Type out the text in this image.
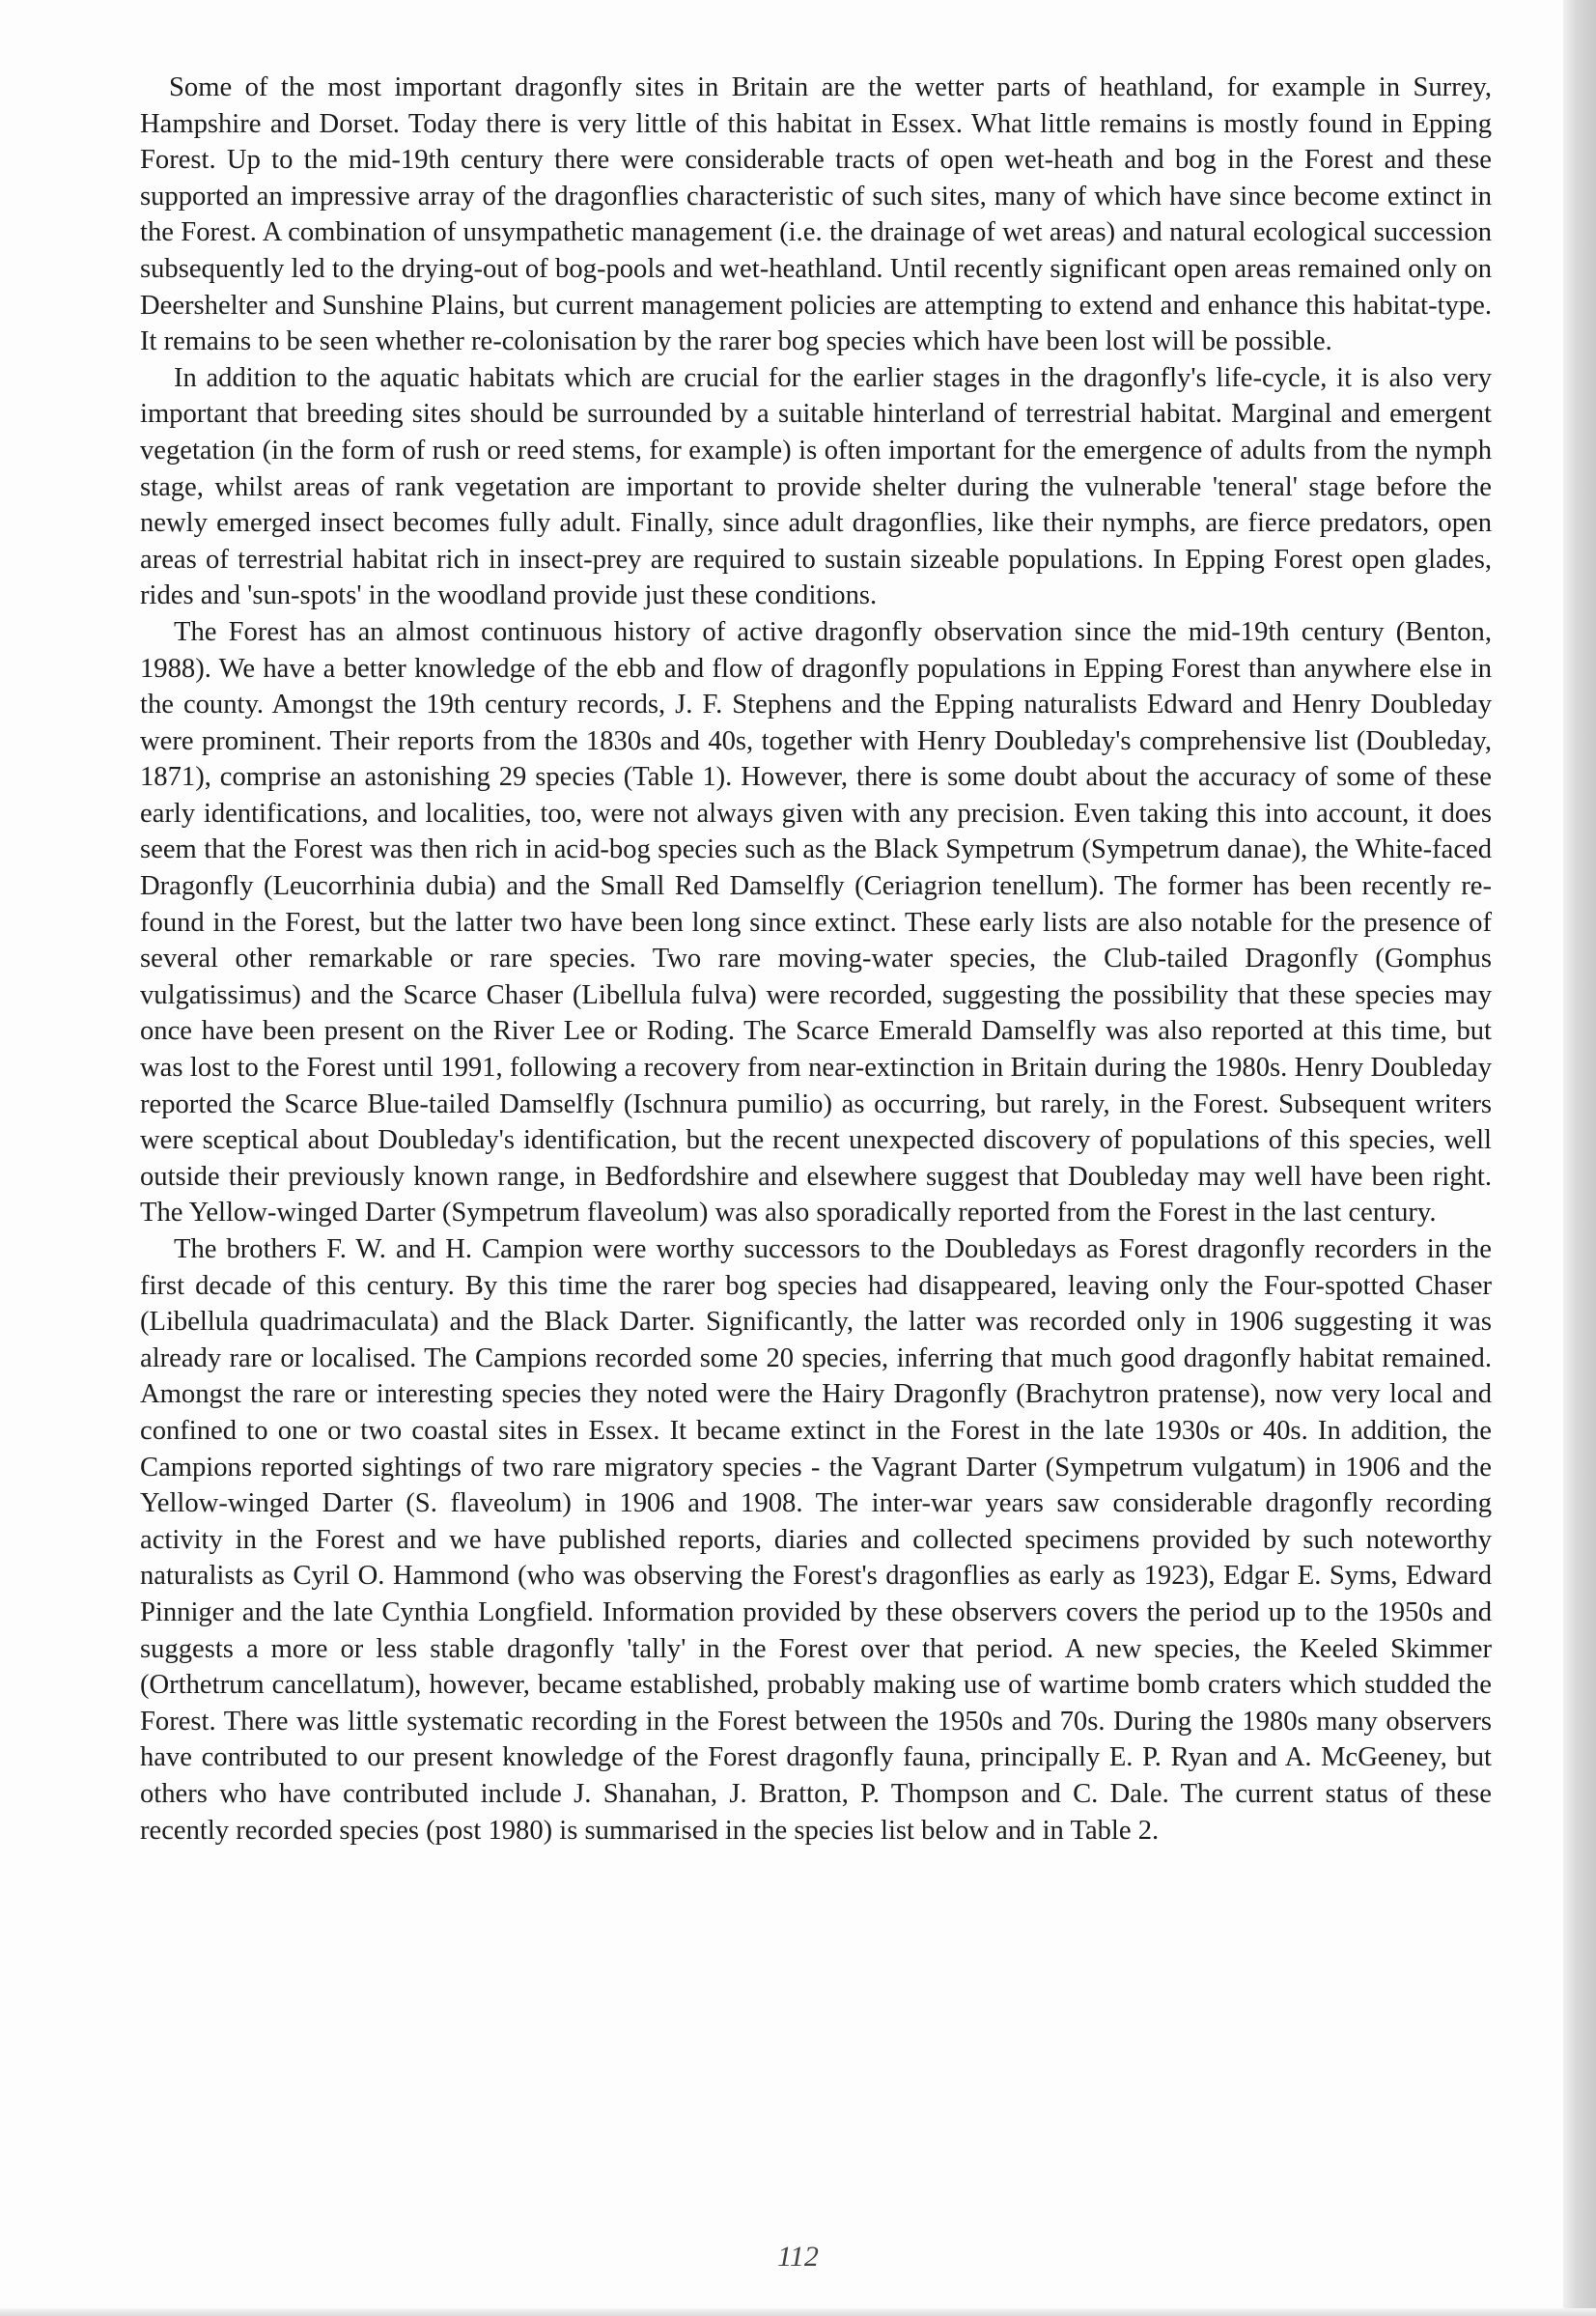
Some of the most important dragonfly sites in Britain are the wetter parts of heathland, for example in Surrey, Hampshire and Dorset. Today there is very little of this habitat in Essex. What little remains is mostly found in Epping Forest. Up to the mid-19th century there were considerable tracts of open wet-heath and bog in the Forest and these supported an impressive array of the dragonflies characteristic of such sites, many of which have since become extinct in the Forest. A combination of unsympathetic management (i.e. the drainage of wet areas) and natural ecological succession subsequently led to the drying-out of bog-pools and wet-heathland. Until recently significant open areas remained only on Deershelter and Sunshine Plains, but current management policies are attempting to extend and enhance this habitat-type. It remains to be seen whether re-colonisation by the rarer bog species which have been lost will be possible.

In addition to the aquatic habitats which are crucial for the earlier stages in the dragonfly's life-cycle, it is also very important that breeding sites should be surrounded by a suitable hinterland of terrestrial habitat. Marginal and emergent vegetation (in the form of rush or reed stems, for example) is often important for the emergence of adults from the nymph stage, whilst areas of rank vegetation are important to provide shelter during the vulnerable 'teneral' stage before the newly emerged insect becomes fully adult. Finally, since adult dragonflies, like their nymphs, are fierce predators, open areas of terrestrial habitat rich in insect-prey are required to sustain sizeable populations. In Epping Forest open glades, rides and 'sun-spots' in the woodland provide just these conditions.

The Forest has an almost continuous history of active dragonfly observation since the mid-19th century (Benton, 1988). We have a better knowledge of the ebb and flow of dragonfly populations in Epping Forest than anywhere else in the county. Amongst the 19th century records, J. F. Stephens and the Epping naturalists Edward and Henry Doubleday were prominent. Their reports from the 1830s and 40s, together with Henry Doubleday's comprehensive list (Doubleday, 1871), comprise an astonishing 29 species (Table 1). However, there is some doubt about the accuracy of some of these early identifications, and localities, too, were not always given with any precision. Even taking this into account, it does seem that the Forest was then rich in acid-bog species such as the Black Sympetrum (Sympetrum danae), the White-faced Dragonfly (Leucorrhinia dubia) and the Small Red Damselfly (Ceriagrion tenellum). The former has been recently re-found in the Forest, but the latter two have been long since extinct. These early lists are also notable for the presence of several other remarkable or rare species. Two rare moving-water species, the Club-tailed Dragonfly (Gomphus vulgatissimus) and the Scarce Chaser (Libellula fulva) were recorded, suggesting the possibility that these species may once have been present on the River Lee or Roding. The Scarce Emerald Damselfly was also reported at this time, but was lost to the Forest until 1991, following a recovery from near-extinction in Britain during the 1980s. Henry Doubleday reported the Scarce Blue-tailed Damselfly (Ischnura pumilio) as occurring, but rarely, in the Forest. Subsequent writers were sceptical about Doubleday's identification, but the recent unexpected discovery of populations of this species, well outside their previously known range, in Bedfordshire and elsewhere suggest that Doubleday may well have been right. The Yellow-winged Darter (Sympetrum flaveolum) was also sporadically reported from the Forest in the last century.

The brothers F. W. and H. Campion were worthy successors to the Doubledays as Forest dragonfly recorders in the first decade of this century. By this time the rarer bog species had disappeared, leaving only the Four-spotted Chaser (Libellula quadrimaculata) and the Black Darter. Significantly, the latter was recorded only in 1906 suggesting it was already rare or localised. The Campions recorded some 20 species, inferring that much good dragonfly habitat remained. Amongst the rare or interesting species they noted were the Hairy Dragonfly (Brachytron pratense), now very local and confined to one or two coastal sites in Essex. It became extinct in the Forest in the late 1930s or 40s. In addition, the Campions reported sightings of two rare migratory species - the Vagrant Darter (Sympetrum vulgatum) in 1906 and the Yellow-winged Darter (S. flaveolum) in 1906 and 1908. The inter-war years saw considerable dragonfly recording activity in the Forest and we have published reports, diaries and collected specimens provided by such noteworthy naturalists as Cyril O. Hammond (who was observing the Forest's dragonflies as early as 1923), Edgar E. Syms, Edward Pinniger and the late Cynthia Longfield. Information provided by these observers covers the period up to the 1950s and suggests a more or less stable dragonfly 'tally' in the Forest over that period. A new species, the Keeled Skimmer (Orthetrum cancellatum), however, became established, probably making use of wartime bomb craters which studded the Forest. There was little systematic recording in the Forest between the 1950s and 70s. During the 1980s many observers have contributed to our present knowledge of the Forest dragonfly fauna, principally E. P. Ryan and A. McGeeney, but others who have contributed include J. Shanahan, J. Bratton, P. Thompson and C. Dale. The current status of these recently recorded species (post 1980) is summarised in the species list below and in Table 2.

112
